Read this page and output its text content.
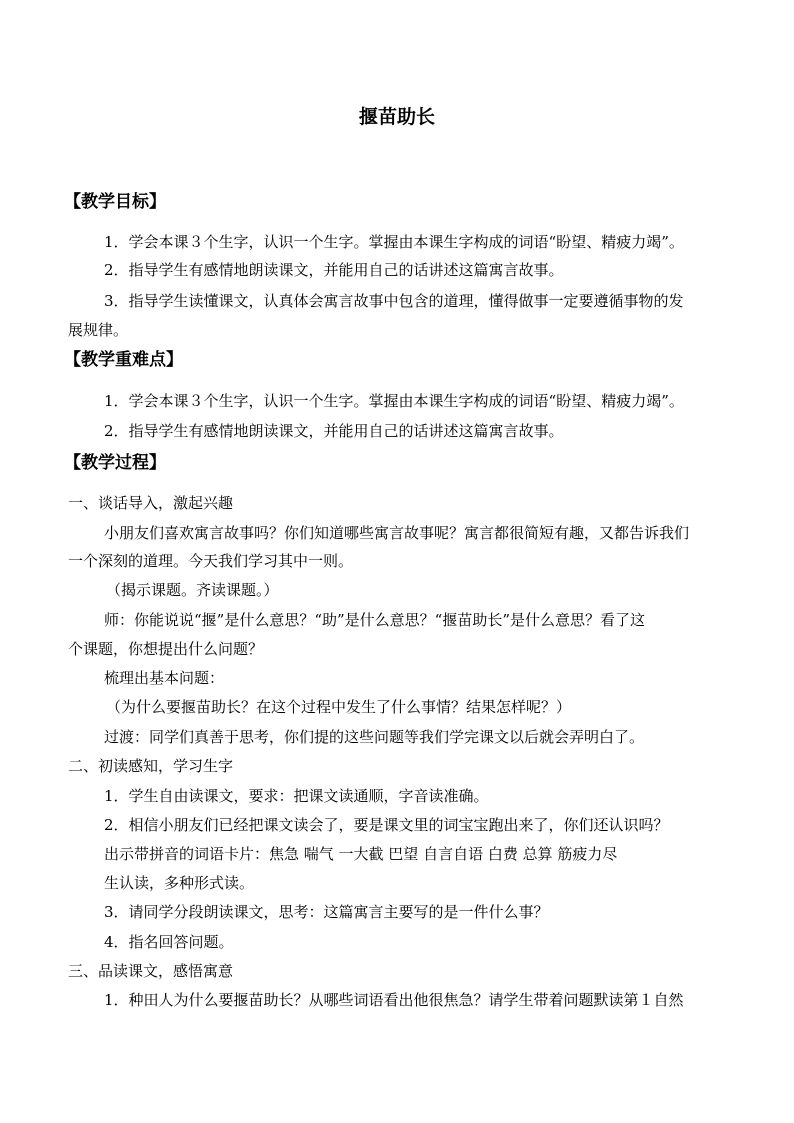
揠苗助长
【教学目标】
1．学会本课３个生字，认识一个生字。掌握由本课生字构成的词语“盼望、精疲力竭”。
2．指导学生有感情地朗读课文，并能用自己的话讲述这篇寓言故事。
3．指导学生读懂课文，认真体会寓言故事中包含的道理，懂得做事一定要遵循事物的发
展规律。
【教学重难点】
1．学会本课３个生字，认识一个生字。掌握由本课生字构成的词语“盼望、精疲力竭”。
2．指导学生有感情地朗读课文，并能用自己的话讲述这篇寓言故事。
【教学过程】
一、谈话导入，激起兴趣
小朋友们喜欢寓言故事吗？你们知道哪些寓言故事呢？寓言都很简短有趣，又都告诉我们
一个深刻的道理。今天我们学习其中一则。
（揭示课题。齐读课题。）
师：你能说说“揠”是什么意思？“助”是什么意思？“揠苗助长”是什么意思？看了这
个课题，你想提出什么问题？
梳理出基本问题：
（为什么要揠苗助长？在这个过程中发生了什么事情？结果怎样呢？）
过渡：同学们真善于思考，你们提的这些问题等我们学完课文以后就会弄明白了。
二、初读感知，学习生字
1．学生自由读课文，要求：把课文读通顺，字音读准确。
2．相信小朋友们已经把课文读会了，要是课文里的词宝宝跑出来了，你们还认识吗？
出示带拼音的词语卡片：焦急 喘气 一大截 巴望 自言自语 白费 总算 筋疲力尽
生认读，多种形式读。
3．请同学分段朗读课文，思考：这篇寓言主要写的是一件什么事？
4．指名回答问题。
三、品读课文，感悟寓意
1．种田人为什么要揠苗助长？从哪些词语看出他很焦急？请学生带着问题默读第１自然
